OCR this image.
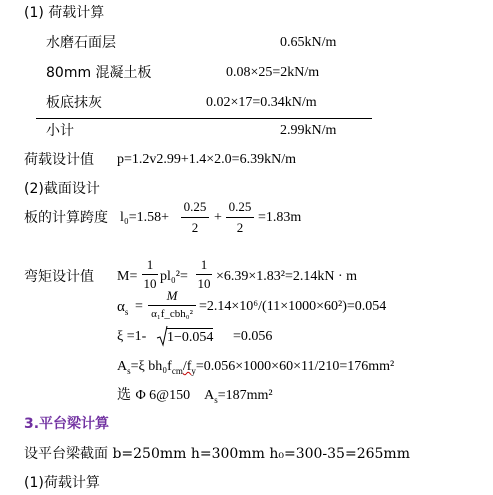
(1) 荷载计算
水磨石面层	0.65kN/m
80mm 混凝土板	0.08×25=2kN/m
板底抹灰	0.02×17=0.34kN/m
小计	2.99kN/m
荷载设计值 p=1.2v2.99+1.4×2.0=6.39kN/m
(2)截面设计
板的计算跨度 l₀=1.58+
0.25
2
+
0.25
2
=1.83m
弯矩设计值 M=
1
10 pl₀²=
1
10 ×6.39×1.83²=2.14kN · m
$\alpha_s$ =
M
α₁f_cbh₀² =2.14×10⁶/(11×1000×60²)=0.054
ξ =1- 1−0.054 =0.056
$A_s=\xi$ $bh_0f_{cm}/f_y=0.056\times 1000\times 60\times 11/210=176mm^2$
选 Φ 6@150 $A_s=187mm^2$
3.平台梁计算
设平台梁截面 b=250mm h=300mm h₀=300-35=265mm
(1)荷载计算
